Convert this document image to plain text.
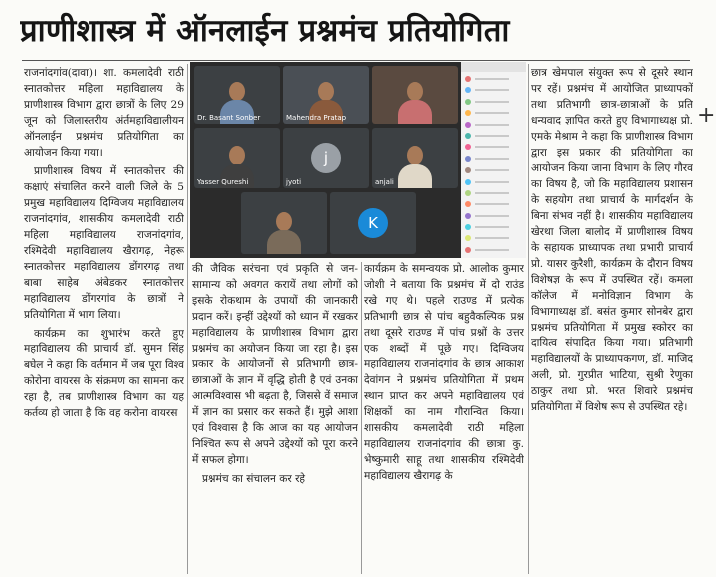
प्राणीशास्त्र में ऑनलाईन प्रश्नमंच प्रतियोगिता

राजनांदगांव(दावा)। शा. कमलादेवी राठी स्नातकोत्तर महिला महाविद्यालय के प्राणीशास्त्र विभाग द्वारा छात्रों के लिए 29 जून को जिलास्तरीय अंर्तमहाविद्यालीयन ऑनलाईन प्रश्नमंच प्रतियोगिता का आयोजन किया गया।

प्राणीशास्त्र विषय में स्नातकोत्तर की कक्षाएं संचालित करने वाली जिले के 5 प्रमुख महाविद्यालय दिग्विजय महाविद्यालय राजनांदगांव, शासकीय कमलादेवी राठी महिला महाविद्यालय राजनांदगांव, रश्मिदेवी महाविद्यालय खैरागढ़, नेहरू स्नातकोत्तर महाविद्यालय डोंगरगढ़ तथा बाबा साहेब अंबेडकर स्नातकोत्तर महाविद्यालय डोंगरगांव के छात्रों ने प्रतियोगिता में भाग लिया।

कार्यक्रम का शुभारंभ करते हुए महाविद्यालय की प्राचार्य डॉ. सुमन सिंह बघेल ने कहा कि वर्तमान में जब पूरा विश्व कोरोना वायरस के संक्रमण का सामना कर रहा है, तब प्राणीशास्त्र विभाग का यह कर्तव्य हो जाता है कि वह करोना वायरस

Dr. Basant Sonber	Mahendra Pratap
Yasser Qureshi
j
jyoti	anjali
K

की जैविक सरंचना एवं प्रकृति से जन-सामान्य को अवगत करायें तथा लोगों को इसके रोकथाम के उपायों की जानकारी प्रदान करें। इन्हीं उद्देश्यों को ध्यान में रखकर महाविद्यालय के प्राणीशास्त्र विभाग द्वारा प्रश्नमंच का अयोजन किया जा रहा है। इस प्रकार के आयोजनों से प्रतिभागी छात्र-छात्राओं के ज्ञान में वृद्धि होती है एवं उनका आत्मविश्वास भी बढ़ता है, जिससे वें समाज में ज्ञान का प्रसार कर सकते हैं। मुझे आशा एवं विश्वास है कि आज का यह आयोजन निश्चित रूप से अपने उद्देश्यों को पूरा करने में सफल होगा।

प्रश्नमंच का संचालन कर रहे

कार्यक्रम के समन्वयक प्रो. आलोक कुमार जोशी ने बताया कि प्रश्नमंच में दो राउंड रखे गए थे। पहले राउण्ड में प्रत्येक प्रतिभागी छात्र से पांच बहुवैकल्पिक प्रश्न तथा दूसरे राउण्ड में पांच प्रश्नों के उत्तर एक शब्दों में पूछे गए। दिग्विजय महाविद्यालय राजनांदगांव के छात्र आकाश देवांगन ने प्रश्नमंच प्रतियोगिता में प्रथम स्थान प्राप्त कर अपने महाविद्यालय एवं शिक्षकों का नाम गौरान्वित किया। शासकीय कमलादेवी राठी महिला महाविद्यालय राजनांदगांव की छात्रा कु. भेष्कुमारी साहू तथा शासकीय रश्मिदेवी महाविद्यालय खैरागढ़ के

छात्र खेमपाल संयुक्त रूप से दूसरे स्थान पर रहें। प्रश्नमंच में आयोजित प्राध्यापकों तथा प्रतिभागी छात्र-छात्राओं के प्रति धन्यवाद ज्ञापित करते हुए विभागाध्यक्ष प्रो. एमके मेश्राम ने कहा कि प्राणीशास्त्र विभाग द्वारा इस प्रकार की प्रतियोगिता का आयोजन किया जाना विभाग के लिए गौरव का विषय है, जो कि महाविद्यालय प्रशासन के सहयोग तथा प्राचार्य के मार्गदर्शन के बिना संभव नहीं है। शासकीय महाविद्यालय खेरथा जिला बालोद में प्राणीशास्त्र विषय के सहायक प्राध्यापक तथा प्रभारी प्राचार्य प्रो. यासर कुरैशी, कार्यक्रम के दौरान विषय विशेषज्ञ के रूप में उपस्थित रहें। कमला कॉलेज में मनोविज्ञान विभाग के विभागाध्यक्ष डॉ. बसंत कुमार सोनबेर द्वारा प्रश्नमंच प्रतियोगिता में प्रमुख स्कोरर का दायित्व संपादित किया गया। प्रतिभागी महाविद्यालयों के प्राध्यापकगण, डॉ. माजिद अली, प्रो. गुरप्रीत भाटिया, सुश्री रेणुका ठाकुर तथा प्रो. भरत शिवारे प्रश्नमंच प्रतियोगिता में विशेष रूप से उपस्थित रहे।

+
